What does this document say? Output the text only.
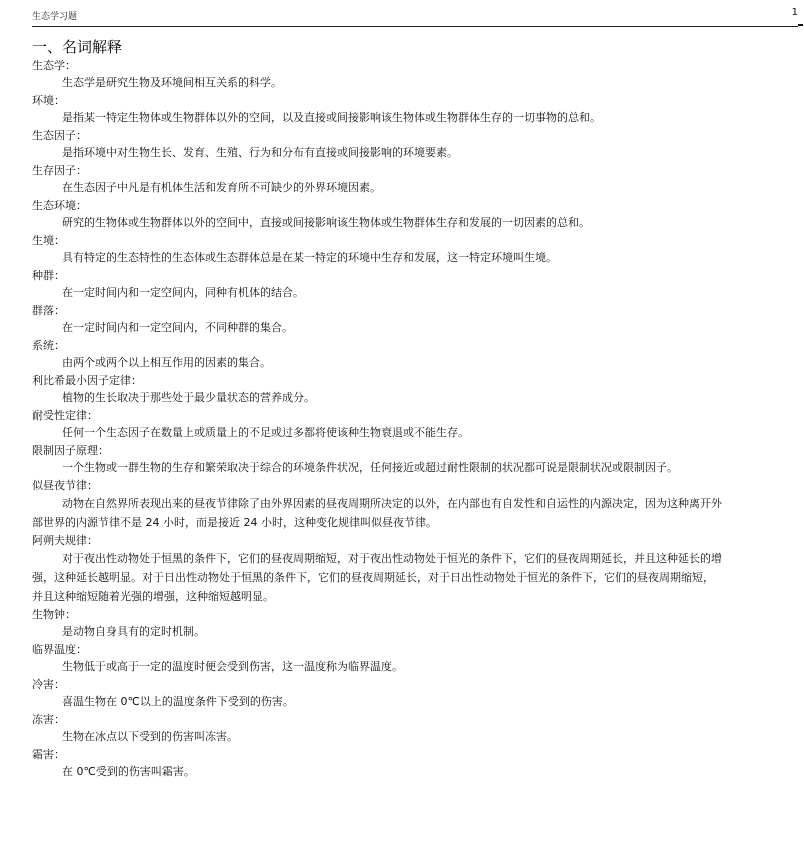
生态学习题	1
一、名词解释

生态学：

生态学是研究生物及环境间相互关系的科学。

环境：

是指某一特定生物体或生物群体以外的空间，以及直接或间接影响该生物体或生物群体生存的一切事物的总和。

生态因子：

是指环境中对生物生长、发育、生殖、行为和分布有直接或间接影响的环境要素。

生存因子：

在生态因子中凡是有机体生活和发育所不可缺少的外界环境因素。

生态环境：

研究的生物体或生物群体以外的空间中，直接或间接影响该生物体或生物群体生存和发展的一切因素的总和。

生境：

具有特定的生态特性的生态体或生态群体总是在某一特定的环境中生存和发展，这一特定环境叫生境。

种群：

在一定时间内和一定空间内，同种有机体的结合。

群落：

在一定时间内和一定空间内，不同种群的集合。

系统：

由两个或两个以上相互作用的因素的集合。

利比希最小因子定律：

植物的生长取决于那些处于最少量状态的营养成分。

耐受性定律：

任何一个生态因子在数量上或质量上的不足或过多都将使该种生物衰退或不能生存。

限制因子原理：

一个生物或一群生物的生存和繁荣取决于综合的环境条件状况，任何接近或超过耐性限制的状况都可说是限制状况或限制因子。

似昼夜节律：

动物在自然界所表现出来的昼夜节律除了由外界因素的昼夜周期所决定的以外，在内部也有自发性和自运性的内源决定，因为这种离开外部世界的内源节律不是 24 小时，而是接近 24 小时，这种变化规律叫似昼夜节律。

阿朔夫规律：

对于夜出性动物处于恒黑的条件下，它们的昼夜周期缩短，对于夜出性动物处于恒光的条件下，它们的昼夜周期延长，并且这种延长的增强，这种延长越明显。对于日出性动物处于恒黑的条件下，它们的昼夜周期延长，对于日出性动物处于恒光的条件下，它们的昼夜周期缩短，并且这种缩短随着光强的增强，这种缩短越明显。

生物钟：

是动物自身具有的定时机制。

临界温度：

生物低于或高于一定的温度时便会受到伤害，这一温度称为临界温度。

冷害：

喜温生物在 0℃以上的温度条件下受到的伤害。

冻害：

生物在冰点以下受到的伤害叫冻害。

霜害：

在 0℃受到的伤害叫霜害。
